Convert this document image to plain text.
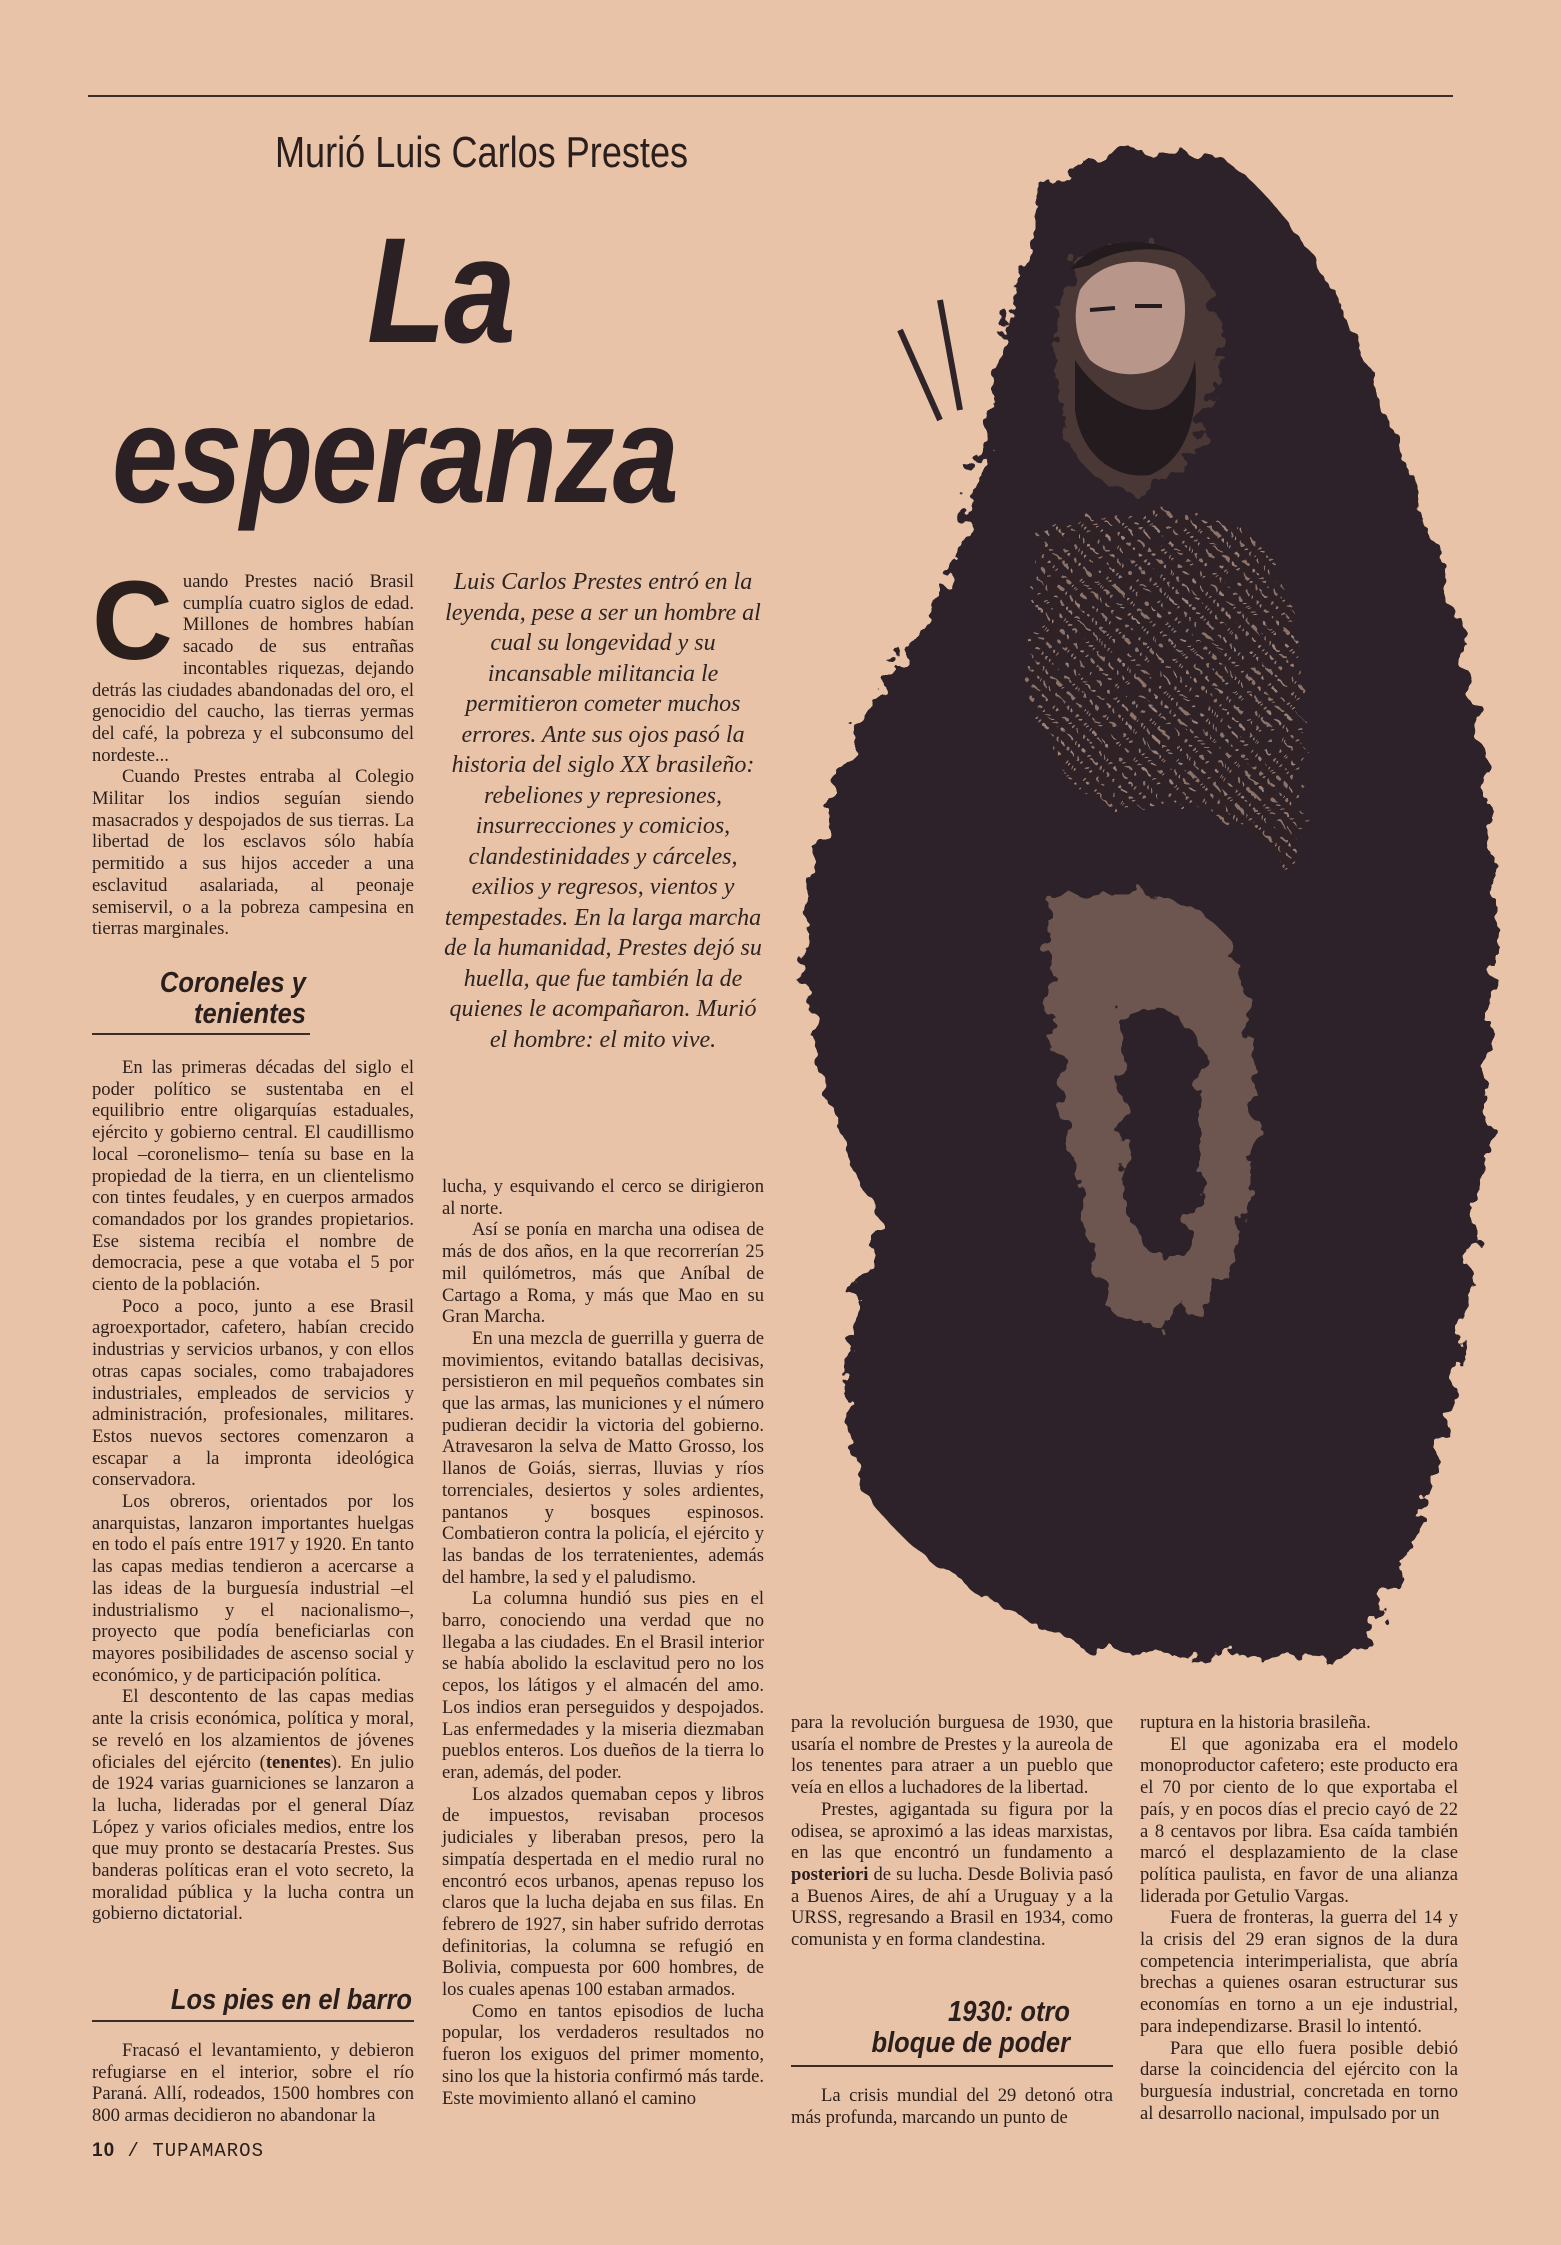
Murió Luis Carlos Prestes
La
esperanza
C uando Prestes nació Brasil cumplía cuatro siglos de edad. Millones de hombres habían sacado de sus entrañas incontables riquezas, dejando detrás las ciudades abandonadas del oro, el genocidio del caucho, las tierras yermas del café, la pobreza y el subconsumo del nordeste...

Cuando Prestes entraba al Colegio Militar los indios seguían siendo masacrados y despojados de sus tierras. La libertad de los esclavos sólo había permitido a sus hijos acceder a una esclavitud asalariada, al peonaje semiservil, o a la pobreza campesina en tierras marginales.

Coroneles y
tenientes

En las primeras décadas del siglo el poder político se sustentaba en el equilibrio entre oligarquías estaduales, ejército y gobierno central. El caudillismo local –coronelismo– tenía su base en la propiedad de la tierra, en un clientelismo con tintes feudales, y en cuerpos armados comandados por los grandes propietarios. Ese sistema recibía el nombre de democracia, pese a que votaba el 5 por ciento de la población.

Poco a poco, junto a ese Brasil agroexportador, cafetero, habían crecido industrias y servicios urbanos, y con ellos otras capas sociales, como trabajadores industriales, empleados de servicios y administración, profesionales, militares. Estos nuevos sectores comenzaron a escapar a la impronta ideológica conservadora.

Los obreros, orientados por los anarquistas, lanzaron importantes huelgas en todo el país entre 1917 y 1920. En tanto las capas medias tendieron a acercarse a las ideas de la burguesía industrial –el industrialismo y el nacionalismo–, proyecto que podía beneficiarlas con mayores posibilidades de ascenso social y económico, y de participación política.

El descontento de las capas medias ante la crisis económica, política y moral, se reveló en los alzamientos de jóvenes oficiales del ejército (tenentes). En julio de 1924 varias guarniciones se lanzaron a la lucha, lideradas por el general Díaz López y varios oficiales medios, entre los que muy pronto se destacaría Prestes. Sus banderas políticas eran el voto secreto, la moralidad pública y la lucha contra un gobierno dictatorial.

Los pies en el barro

Fracasó el levantamiento, y debieron refugiarse en el interior, sobre el río Paraná. Allí, rodeados, 1500 hombres con 800 armas decidieron no abandonar la

Luis Carlos Prestes entró en la leyenda, pese a ser un hombre al cual su longevidad y su incansable militancia le permitieron cometer muchos errores. Ante sus ojos pasó la historia del siglo XX brasileño: rebeliones y represiones, insurrecciones y comicios, clandestinidades y cárceles, exilios y regresos, vientos y tempestades. En la larga marcha de la humanidad, Prestes dejó su huella, que fue también la de quienes le acompañaron. Murió el hombre: el mito vive.

lucha, y esquivando el cerco se dirigieron al norte.

Así se ponía en marcha una odisea de más de dos años, en la que recorrerían 25 mil quilómetros, más que Aníbal de Cartago a Roma, y más que Mao en su Gran Marcha.

En una mezcla de guerrilla y guerra de movimientos, evitando batallas decisivas, persistieron en mil pequeños combates sin que las armas, las municiones y el número pudieran decidir la victoria del gobierno. Atravesaron la selva de Matto Grosso, los llanos de Goiás, sierras, lluvias y ríos torrenciales, desiertos y soles ardientes, pantanos y bosques espinosos. Combatieron contra la policía, el ejército y las bandas de los terratenientes, además del hambre, la sed y el paludismo.

La columna hundió sus pies en el barro, conociendo una verdad que no llegaba a las ciudades. En el Brasil interior se había abolido la esclavitud pero no los cepos, los látigos y el almacén del amo. Los indios eran perseguidos y despojados. Las enfermedades y la miseria diezmaban pueblos enteros. Los dueños de la tierra lo eran, además, del poder.

Los alzados quemaban cepos y libros de impuestos, revisaban procesos judiciales y liberaban presos, pero la simpatía despertada en el medio rural no encontró ecos urbanos, apenas repuso los claros que la lucha dejaba en sus filas. En febrero de 1927, sin haber sufrido derrotas definitorias, la columna se refugió en Bolivia, compuesta por 600 hombres, de los cuales apenas 100 estaban armados.

Como en tantos episodios de lucha popular, los verdaderos resultados no fueron los exiguos del primer momento, sino los que la historia confirmó más tarde. Este movimiento allanó el camino

para la revolución burguesa de 1930, que usaría el nombre de Prestes y la aureola de los tenentes para atraer a un pueblo que veía en ellos a luchadores de la libertad.

Prestes, agigantada su figura por la odisea, se aproximó a las ideas marxistas, en las que encontró un fundamento a posteriori de su lucha. Desde Bolivia pasó a Buenos Aires, de ahí a Uruguay y a la URSS, regresando a Brasil en 1934, como comunista y en forma clandestina.

1930: otro
bloque de poder

La crisis mundial del 29 detonó otra más profunda, marcando un punto de

ruptura en la historia brasileña.

El que agonizaba era el modelo monoproductor cafetero; este producto era el 70 por ciento de lo que exportaba el país, y en pocos días el precio cayó de 22 a 8 centavos por libra. Esa caída también marcó el desplazamiento de la clase política paulista, en favor de una alianza liderada por Getulio Vargas.

Fuera de fronteras, la guerra del 14 y la crisis del 29 eran signos de la dura competencia interimperialista, que abría brechas a quienes osaran estructurar sus economías en torno a un eje industrial, para independizarse. Brasil lo intentó.

Para que ello fuera posible debió darse la coincidencia del ejército con la burguesía industrial, concretada en torno al desarrollo nacional, impulsado por un

10 / TUPAMAROS
